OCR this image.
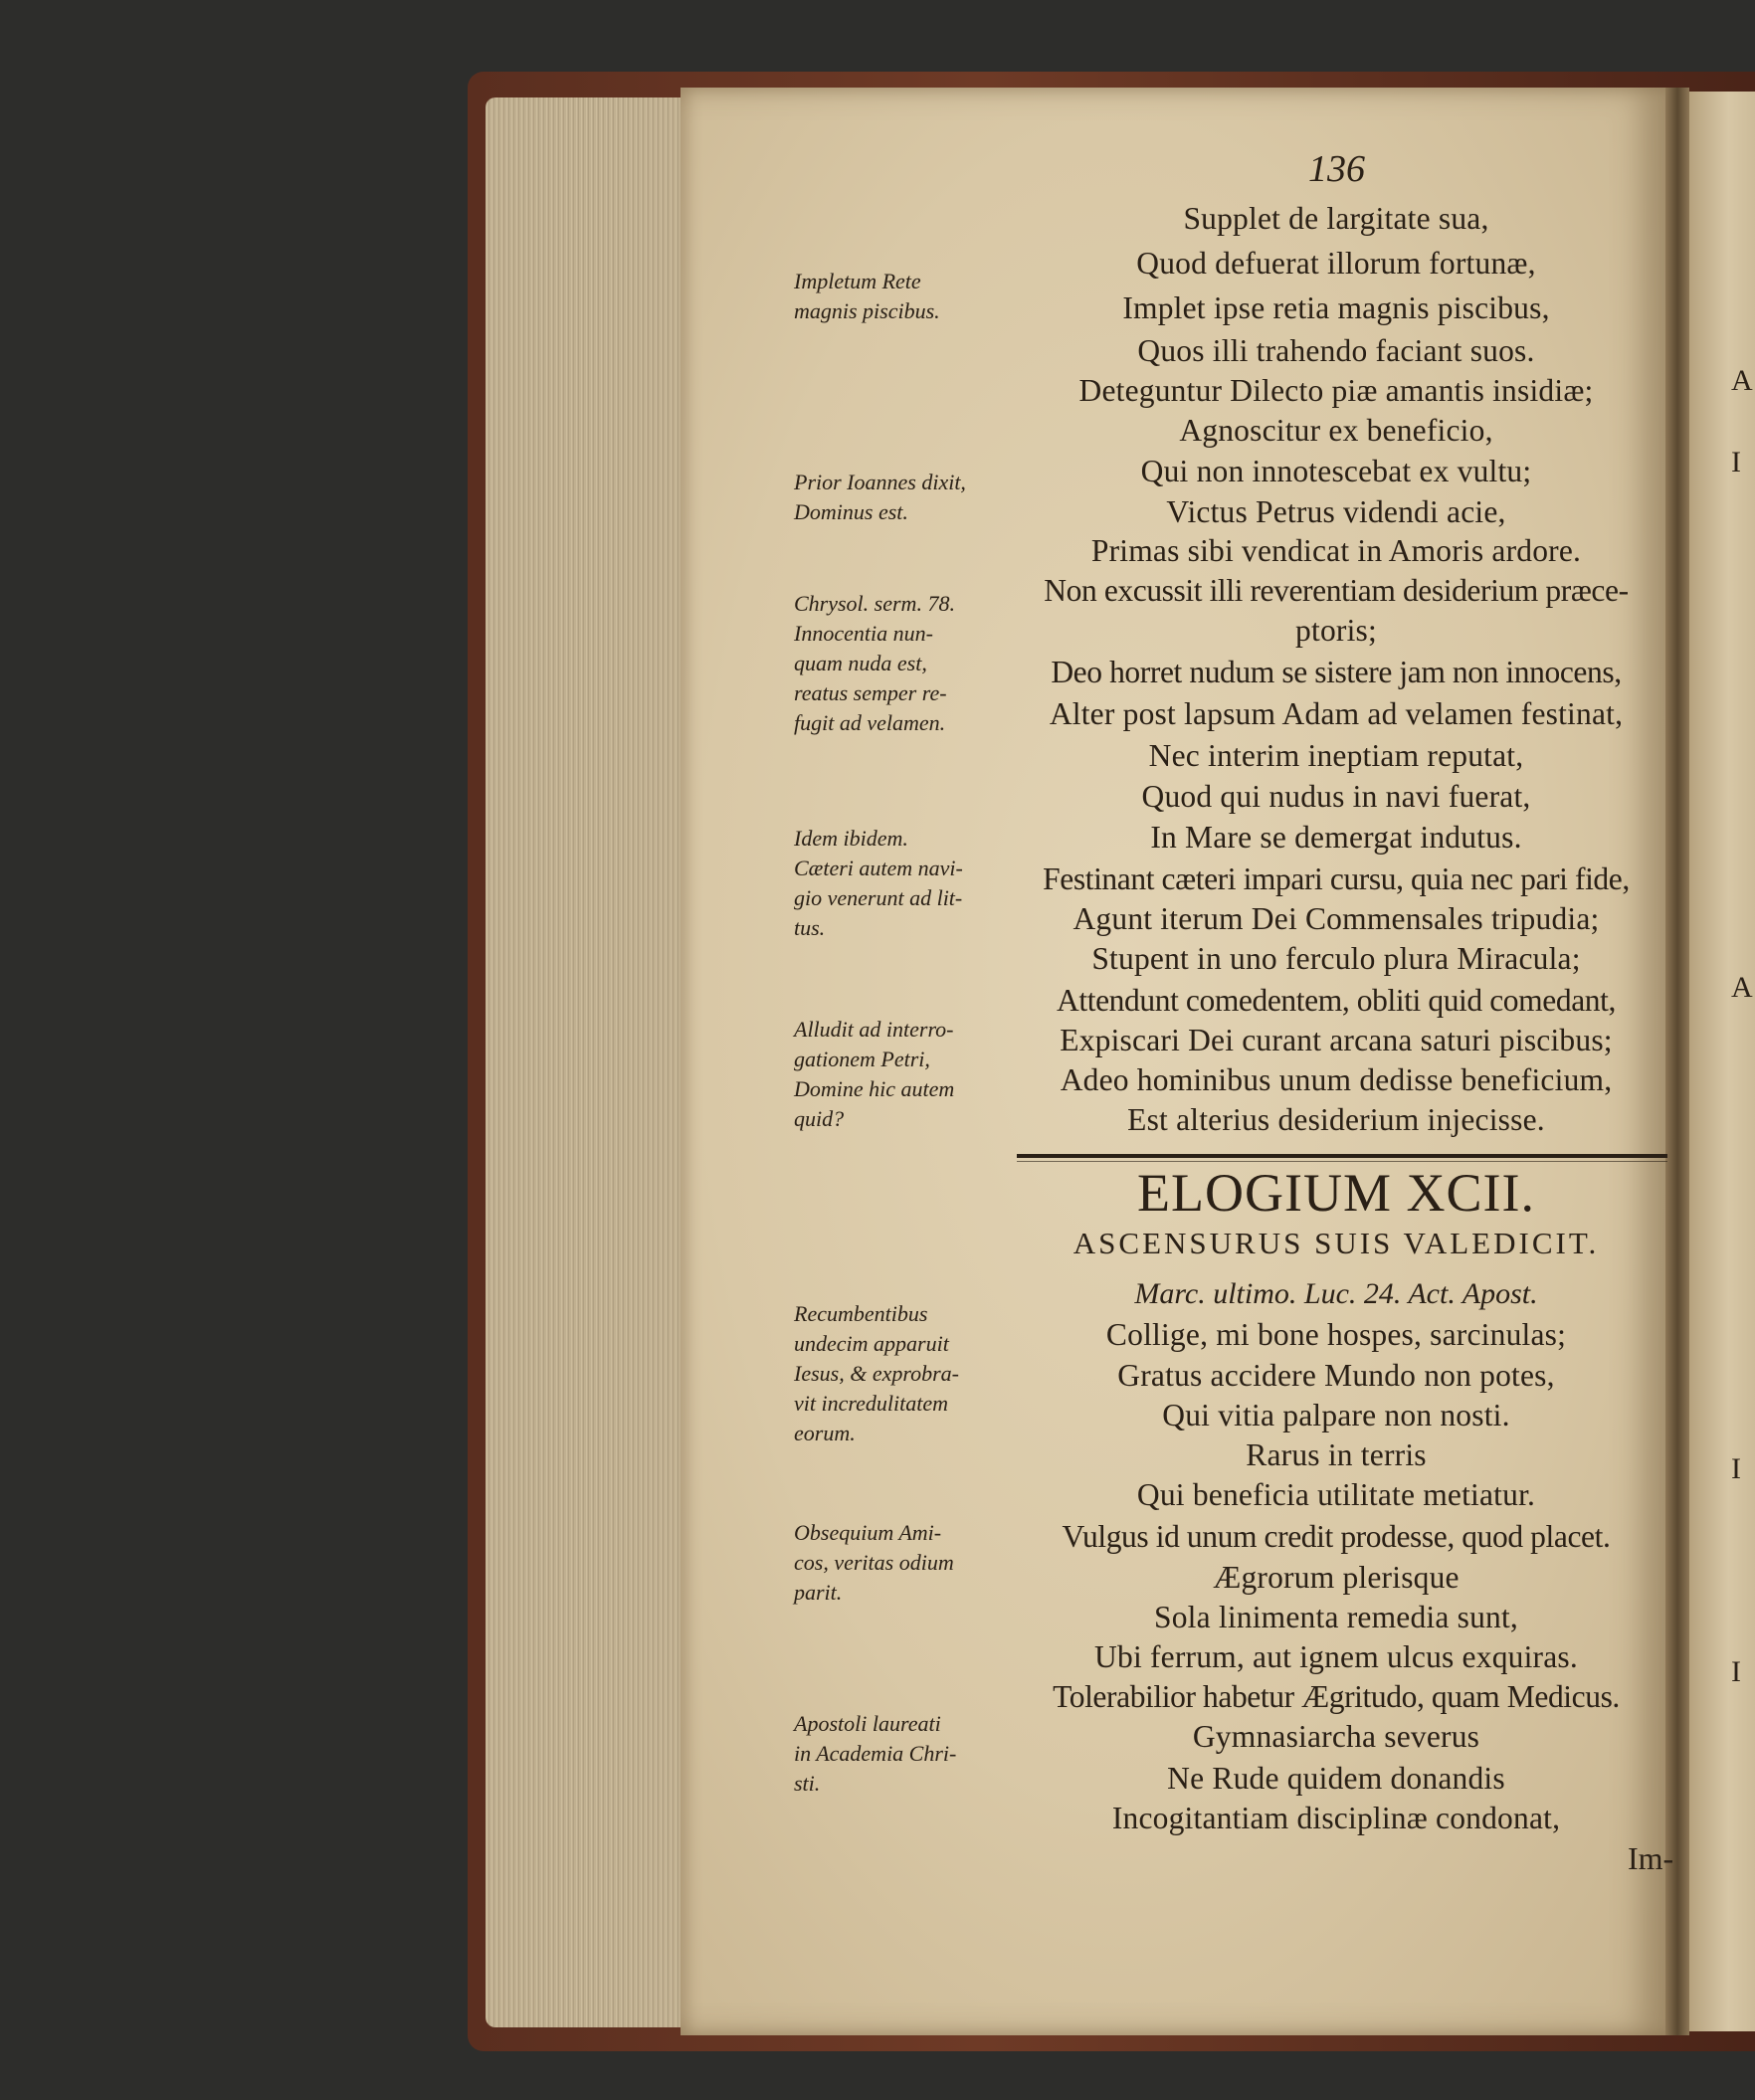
A
I
A
I
I
136
Supplet de largitate sua,
Quod defuerat illorum fortunæ,
Implet ipse retia magnis piscibus,
Quos illi trahendo faciant suos.
Deteguntur Dilecto piæ amantis insidiæ;
Agnoscitur ex beneficio,
Qui non innotescebat ex vultu;
Victus Petrus videndi acie,
Primas sibi vendicat in Amoris ardore.
Non excussit illi reverentiam desiderium præce-
ptoris;
Deo horret nudum se sistere jam non innocens,
Alter post lapsum Adam ad velamen festinat,
Nec interim ineptiam reputat,
Quod qui nudus in navi fuerat,
In Mare se demergat indutus.
Festinant cæteri impari cursu, quia nec pari fide,
Agunt iterum Dei Commensales tripudia;
Stupent in uno ferculo plura Miracula;
Attendunt comedentem, obliti quid comedant,
Expiscari Dei curant arcana saturi piscibus;
Adeo hominibus unum dedisse beneficium,
Est alterius desiderium injecisse.
ELOGIUM XCII.
ASCENSURUS SUIS VALEDICIT.
Marc. ultimo. Luc. 24. Act. Apost.
Collige, mi bone hospes, sarcinulas;
Gratus accidere Mundo non potes,
Qui vitia palpare non nosti.
Rarus in terris
Qui beneficia utilitate metiatur.
Vulgus id unum credit prodesse, quod placet.
Ægrorum plerisque
Sola linimenta remedia sunt,
Ubi ferrum, aut ignem ulcus exquiras.
Tolerabilior habetur Ægritudo, quam Medicus.
Gymnasiarcha severus
Ne Rude quidem donandis
Incogitantiam disciplinæ condonat,
Im-
Impletum Rete
magnis piscibus.
Prior Ioannes dixit,
Dominus est.
Chrysol. serm. 78.
Innocentia nun-
quam nuda est,
reatus semper re-
fugit ad velamen.
Idem ibidem.
Cæteri autem navi-
gio venerunt ad lit-
tus.
Alludit ad interro-
gationem Petri,
Domine hic autem
quid?
Recumbentibus
undecim apparuit
Iesus, & exprobra-
vit incredulitatem
eorum.
Obsequium Ami-
cos, veritas odium
parit.
Apostoli laureati
in Academia Chri-
sti.
